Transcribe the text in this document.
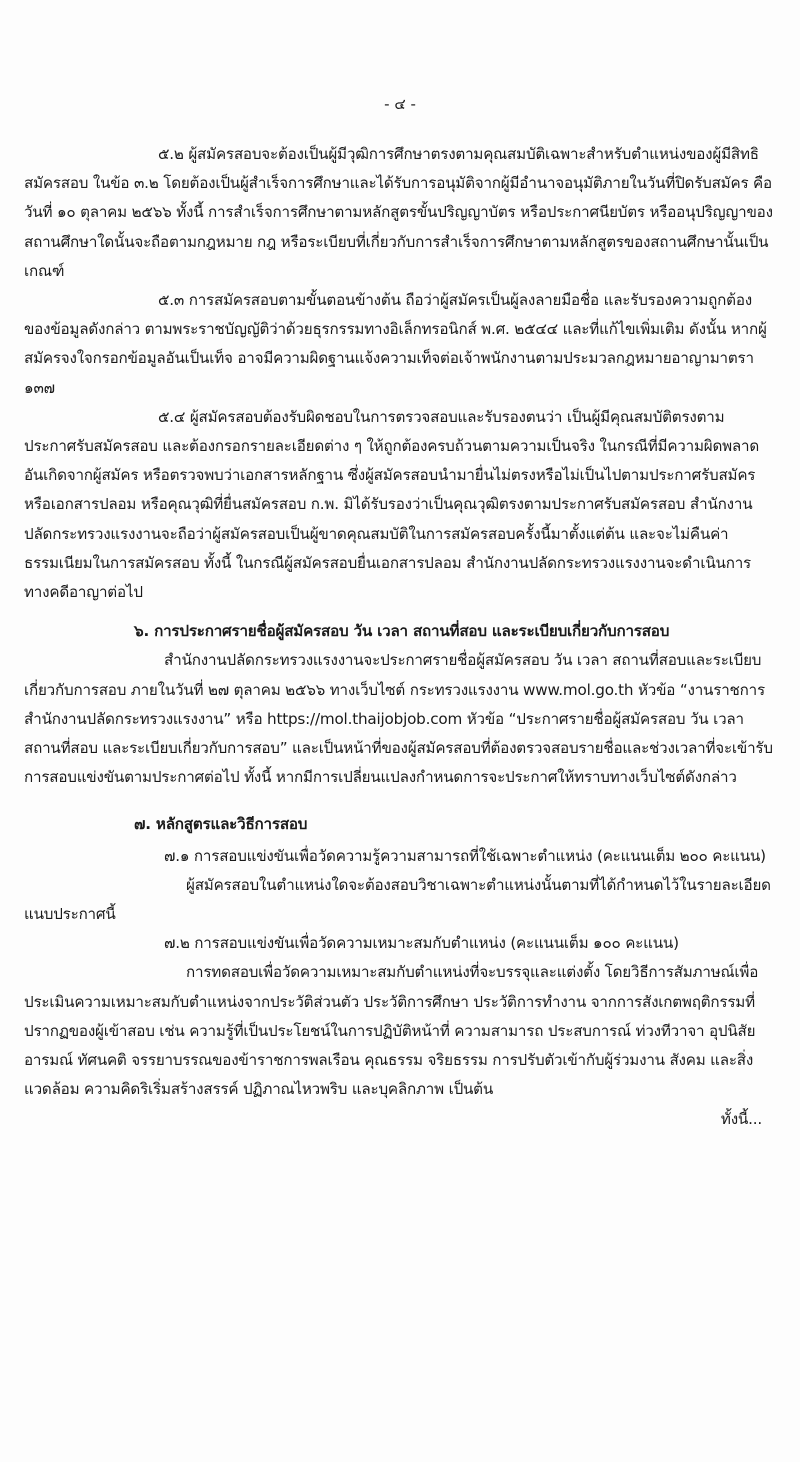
- ๔ -

๕.๒ ผู้สมัครสอบจะต้องเป็นผู้มีวุฒิการศึกษาตรงตามคุณสมบัติเฉพาะสำหรับตำแหน่งของผู้มีสิทธิสมัครสอบ ในข้อ ๓.๒ โดยต้องเป็นผู้สำเร็จการศึกษาและได้รับการอนุมัติจากผู้มีอำนาจอนุมัติภายในวันที่ปิดรับสมัคร คือ วันที่ ๑๐ ตุลาคม ๒๕๖๖ ทั้งนี้ การสำเร็จการศึกษาตามหลักสูตรขั้นปริญญาบัตร หรือประกาศนียบัตร หรืออนุปริญญาของสถานศึกษาใดนั้นจะถือตามกฎหมาย กฎ หรือระเบียบที่เกี่ยวกับการสำเร็จการศึกษาตามหลักสูตรของสถานศึกษานั้นเป็นเกณฑ์

๕.๓ การสมัครสอบตามขั้นตอนข้างต้น ถือว่าผู้สมัครเป็นผู้ลงลายมือชื่อ และรับรองความถูกต้องของข้อมูลดังกล่าว ตามพระราชบัญญัติว่าด้วยธุรกรรมทางอิเล็กทรอนิกส์ พ.ศ. ๒๕๔๔ และที่แก้ไขเพิ่มเติม ดังนั้น หากผู้สมัครจงใจกรอกข้อมูลอันเป็นเท็จ อาจมีความผิดฐานแจ้งความเท็จต่อเจ้าพนักงานตามประมวลกฎหมายอาญามาตรา ๑๓๗

๕.๔ ผู้สมัครสอบต้องรับผิดชอบในการตรวจสอบและรับรองตนว่า เป็นผู้มีคุณสมบัติตรงตามประกาศรับสมัครสอบ และต้องกรอกรายละเอียดต่าง ๆ ให้ถูกต้องครบถ้วนตามความเป็นจริง ในกรณีที่มีความผิดพลาดอันเกิดจากผู้สมัคร หรือตรวจพบว่าเอกสารหลักฐาน ซึ่งผู้สมัครสอบนำมายื่นไม่ตรงหรือไม่เป็นไปตามประกาศรับสมัคร หรือเอกสารปลอม หรือคุณวุฒิที่ยื่นสมัครสอบ ก.พ. มิได้รับรองว่าเป็นคุณวุฒิตรงตามประกาศรับสมัครสอบ สำนักงานปลัดกระทรวงแรงงานจะถือว่าผู้สมัครสอบเป็นผู้ขาดคุณสมบัติในการสมัครสอบครั้งนี้มาตั้งแต่ต้น และจะไม่คืนค่าธรรมเนียมในการสมัครสอบ ทั้งนี้ ในกรณีผู้สมัครสอบยื่นเอกสารปลอม สำนักงานปลัดกระทรวงแรงงานจะดำเนินการทางคดีอาญาต่อไป

๖. การประกาศรายชื่อผู้สมัครสอบ วัน เวลา สถานที่สอบ และระเบียบเกี่ยวกับการสอบ

สำนักงานปลัดกระทรวงแรงงานจะประกาศรายชื่อผู้สมัครสอบ วัน เวลา สถานที่สอบและระเบียบเกี่ยวกับการสอบ ภายในวันที่ ๒๗ ตุลาคม ๒๕๖๖ ทางเว็บไซต์ กระทรวงแรงงาน www.mol.go.th หัวข้อ “งานราชการสำนักงานปลัดกระทรวงแรงงาน” หรือ https://mol.thaijobjob.com หัวข้อ “ประกาศรายชื่อผู้สมัครสอบ วัน เวลา สถานที่สอบ และระเบียบเกี่ยวกับการสอบ” และเป็นหน้าที่ของผู้สมัครสอบที่ต้องตรวจสอบรายชื่อและช่วงเวลาที่จะเข้ารับการสอบแข่งขันตามประกาศต่อไป ทั้งนี้ หากมีการเปลี่ยนแปลงกำหนดการจะประกาศให้ทราบทางเว็บไซต์ดังกล่าว

๗. หลักสูตรและวิธีการสอบ

๗.๑ การสอบแข่งขันเพื่อวัดความรู้ความสามารถที่ใช้เฉพาะตำแหน่ง (คะแนนเต็ม ๒๐๐ คะแนน)

ผู้สมัครสอบในตำแหน่งใดจะต้องสอบวิชาเฉพาะตำแหน่งนั้นตามที่ได้กำหนดไว้ในรายละเอียดแนบประกาศนี้

๗.๒ การสอบแข่งขันเพื่อวัดความเหมาะสมกับตำแหน่ง (คะแนนเต็ม ๑๐๐ คะแนน)

การทดสอบเพื่อวัดความเหมาะสมกับตำแหน่งที่จะบรรจุและแต่งตั้ง โดยวิธีการสัมภาษณ์เพื่อประเมินความเหมาะสมกับตำแหน่งจากประวัติส่วนตัว ประวัติการศึกษา ประวัติการทำงาน จากการสังเกตพฤติกรรมที่ปรากฏของผู้เข้าสอบ เช่น ความรู้ที่เป็นประโยชน์ในการปฏิบัติหน้าที่ ความสามารถ ประสบการณ์ ท่วงทีวาจา อุปนิสัย อารมณ์ ทัศนคติ จรรยาบรรณของข้าราชการพลเรือน คุณธรรม จริยธรรม การปรับตัวเข้ากับผู้ร่วมงาน สังคม และสิ่งแวดล้อม ความคิดริเริ่มสร้างสรรค์ ปฏิภาณไหวพริบ และบุคลิกภาพ เป็นต้น

ทั้งนี้...
